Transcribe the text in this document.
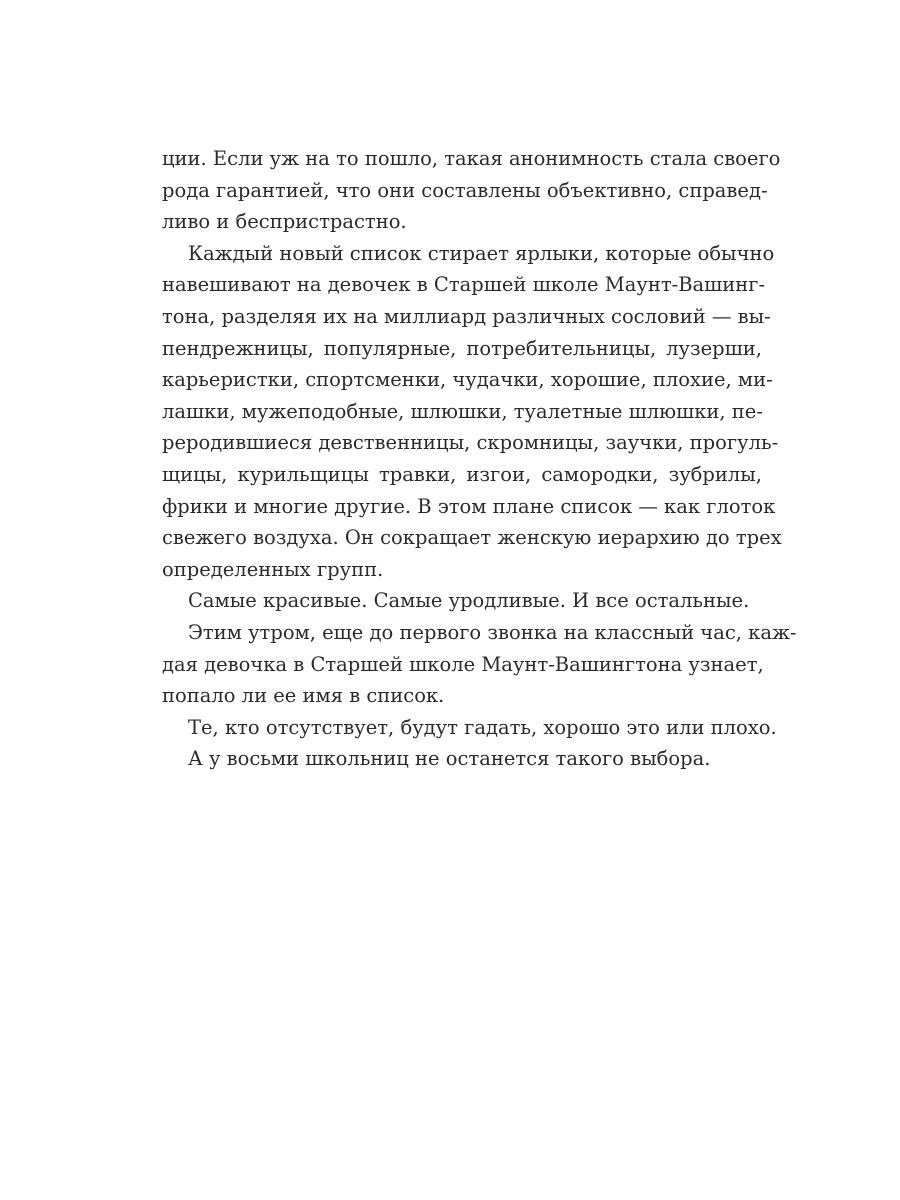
ции. Если уж на то пошло, такая анонимность стала своего
рода гарантией, что они составлены объективно, справед-
ливо и беспристрастно.
Каждый новый список стирает ярлыки, которые обычно
навешивают на девочек в Старшей школе Маунт-Вашинг-
тона, разделяя их на миллиард различных сословий — вы-
пендрежницы, популярные, потребительницы, лузерши,
карьеристки, спортсменки, чудачки, хорошие, плохие, ми-
лашки, мужеподобные, шлюшки, туалетные шлюшки, пе-
реродившиеся девственницы, скромницы, заучки, прогуль-
щицы, курильщицы травки, изгои, самородки, зубрилы,
фрики и многие другие. В этом плане список — как глоток
свежего воздуха. Он сокращает женскую иерархию до трех
определенных групп.
Самые красивые. Самые уродливые. И все остальные.
Этим утром, еще до первого звонка на классный час, каж-
дая девочка в Старшей школе Маунт-Вашингтона узнает,
попало ли ее имя в список.
Те, кто отсутствует, будут гадать, хорошо это или плохо.
А у восьми школьниц не останется такого выбора.
